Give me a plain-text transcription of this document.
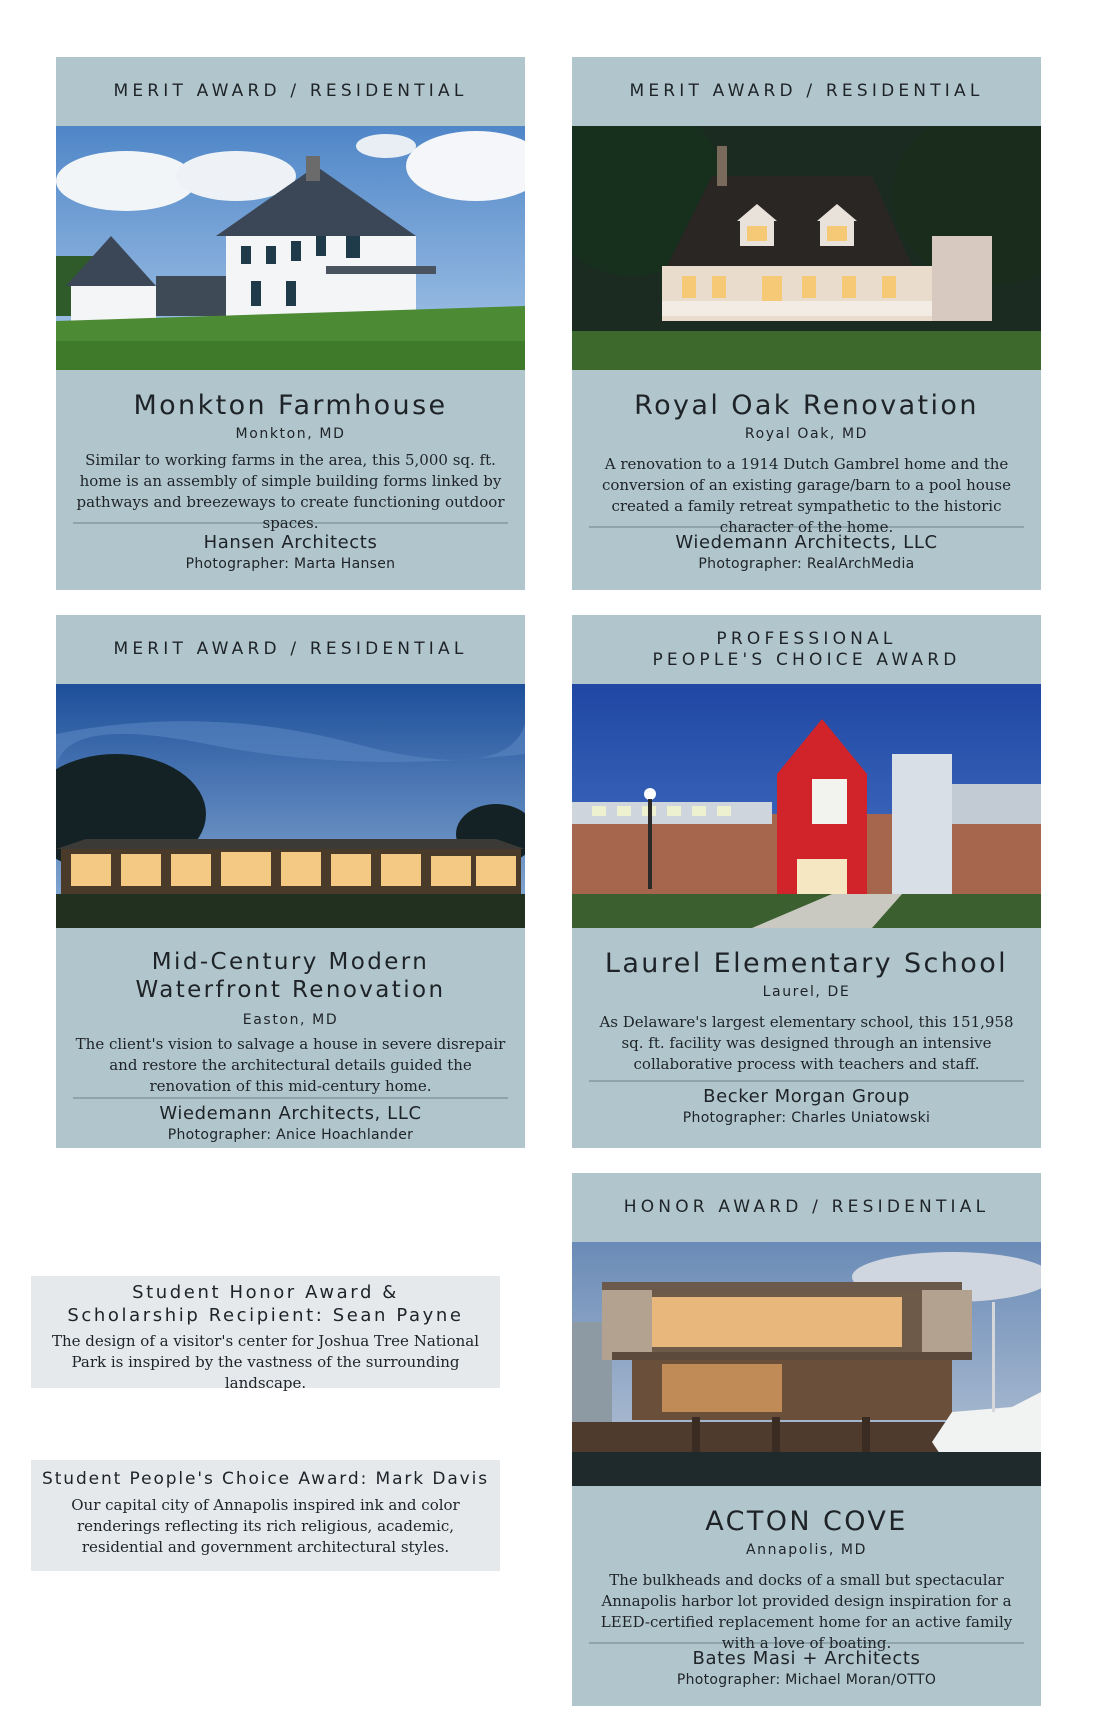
MERIT AWARD / RESIDENTIAL
Monkton Farmhouse
Monkton, MD
Similar to working farms in the area, this 5,000 sq. ft. home is an assembly of simple building forms linked by pathways and breezeways to create functioning outdoor spaces.
Hansen Architects
Photographer: Marta Hansen
MERIT AWARD / RESIDENTIAL
Royal Oak Renovation
Royal Oak, MD
A renovation to a 1914 Dutch Gambrel home and the conversion of an existing garage/barn to a pool house created a family retreat sympathetic to the historic character of the home.
Wiedemann Architects, LLC
Photographer: RealArchMedia
MERIT AWARD / RESIDENTIAL
Mid-Century Modern
Waterfront Renovation
Easton, MD
The client's vision to salvage a house in severe disrepair and restore the architectural details guided the renovation of this mid-century home.
Wiedemann Architects, LLC
Photographer: Anice Hoachlander
PROFESSIONAL
PEOPLE'S CHOICE AWARD
Laurel Elementary School
Laurel, DE
As Delaware's largest elementary school, this 151,958 sq. ft. facility was designed through an intensive collaborative process with teachers and staff.
Becker Morgan Group
Photographer: Charles Uniatowski
HONOR AWARD / RESIDENTIAL
ACTON COVE
Annapolis, MD
The bulkheads and docks of a small but spectacular Annapolis harbor lot provided design inspiration for a LEED-certified replacement home for an active family with a love of boating.
Bates Masi + Architects
Photographer: Michael Moran/OTTO
Student Honor Award &
Scholarship Recipient: Sean Payne
The design of a visitor's center for Joshua Tree National Park is inspired by the vastness of the surrounding landscape.
Student People's Choice Award: Mark Davis
Our capital city of Annapolis inspired ink and color renderings reflecting its rich religious, academic, residential and government architectural styles.
